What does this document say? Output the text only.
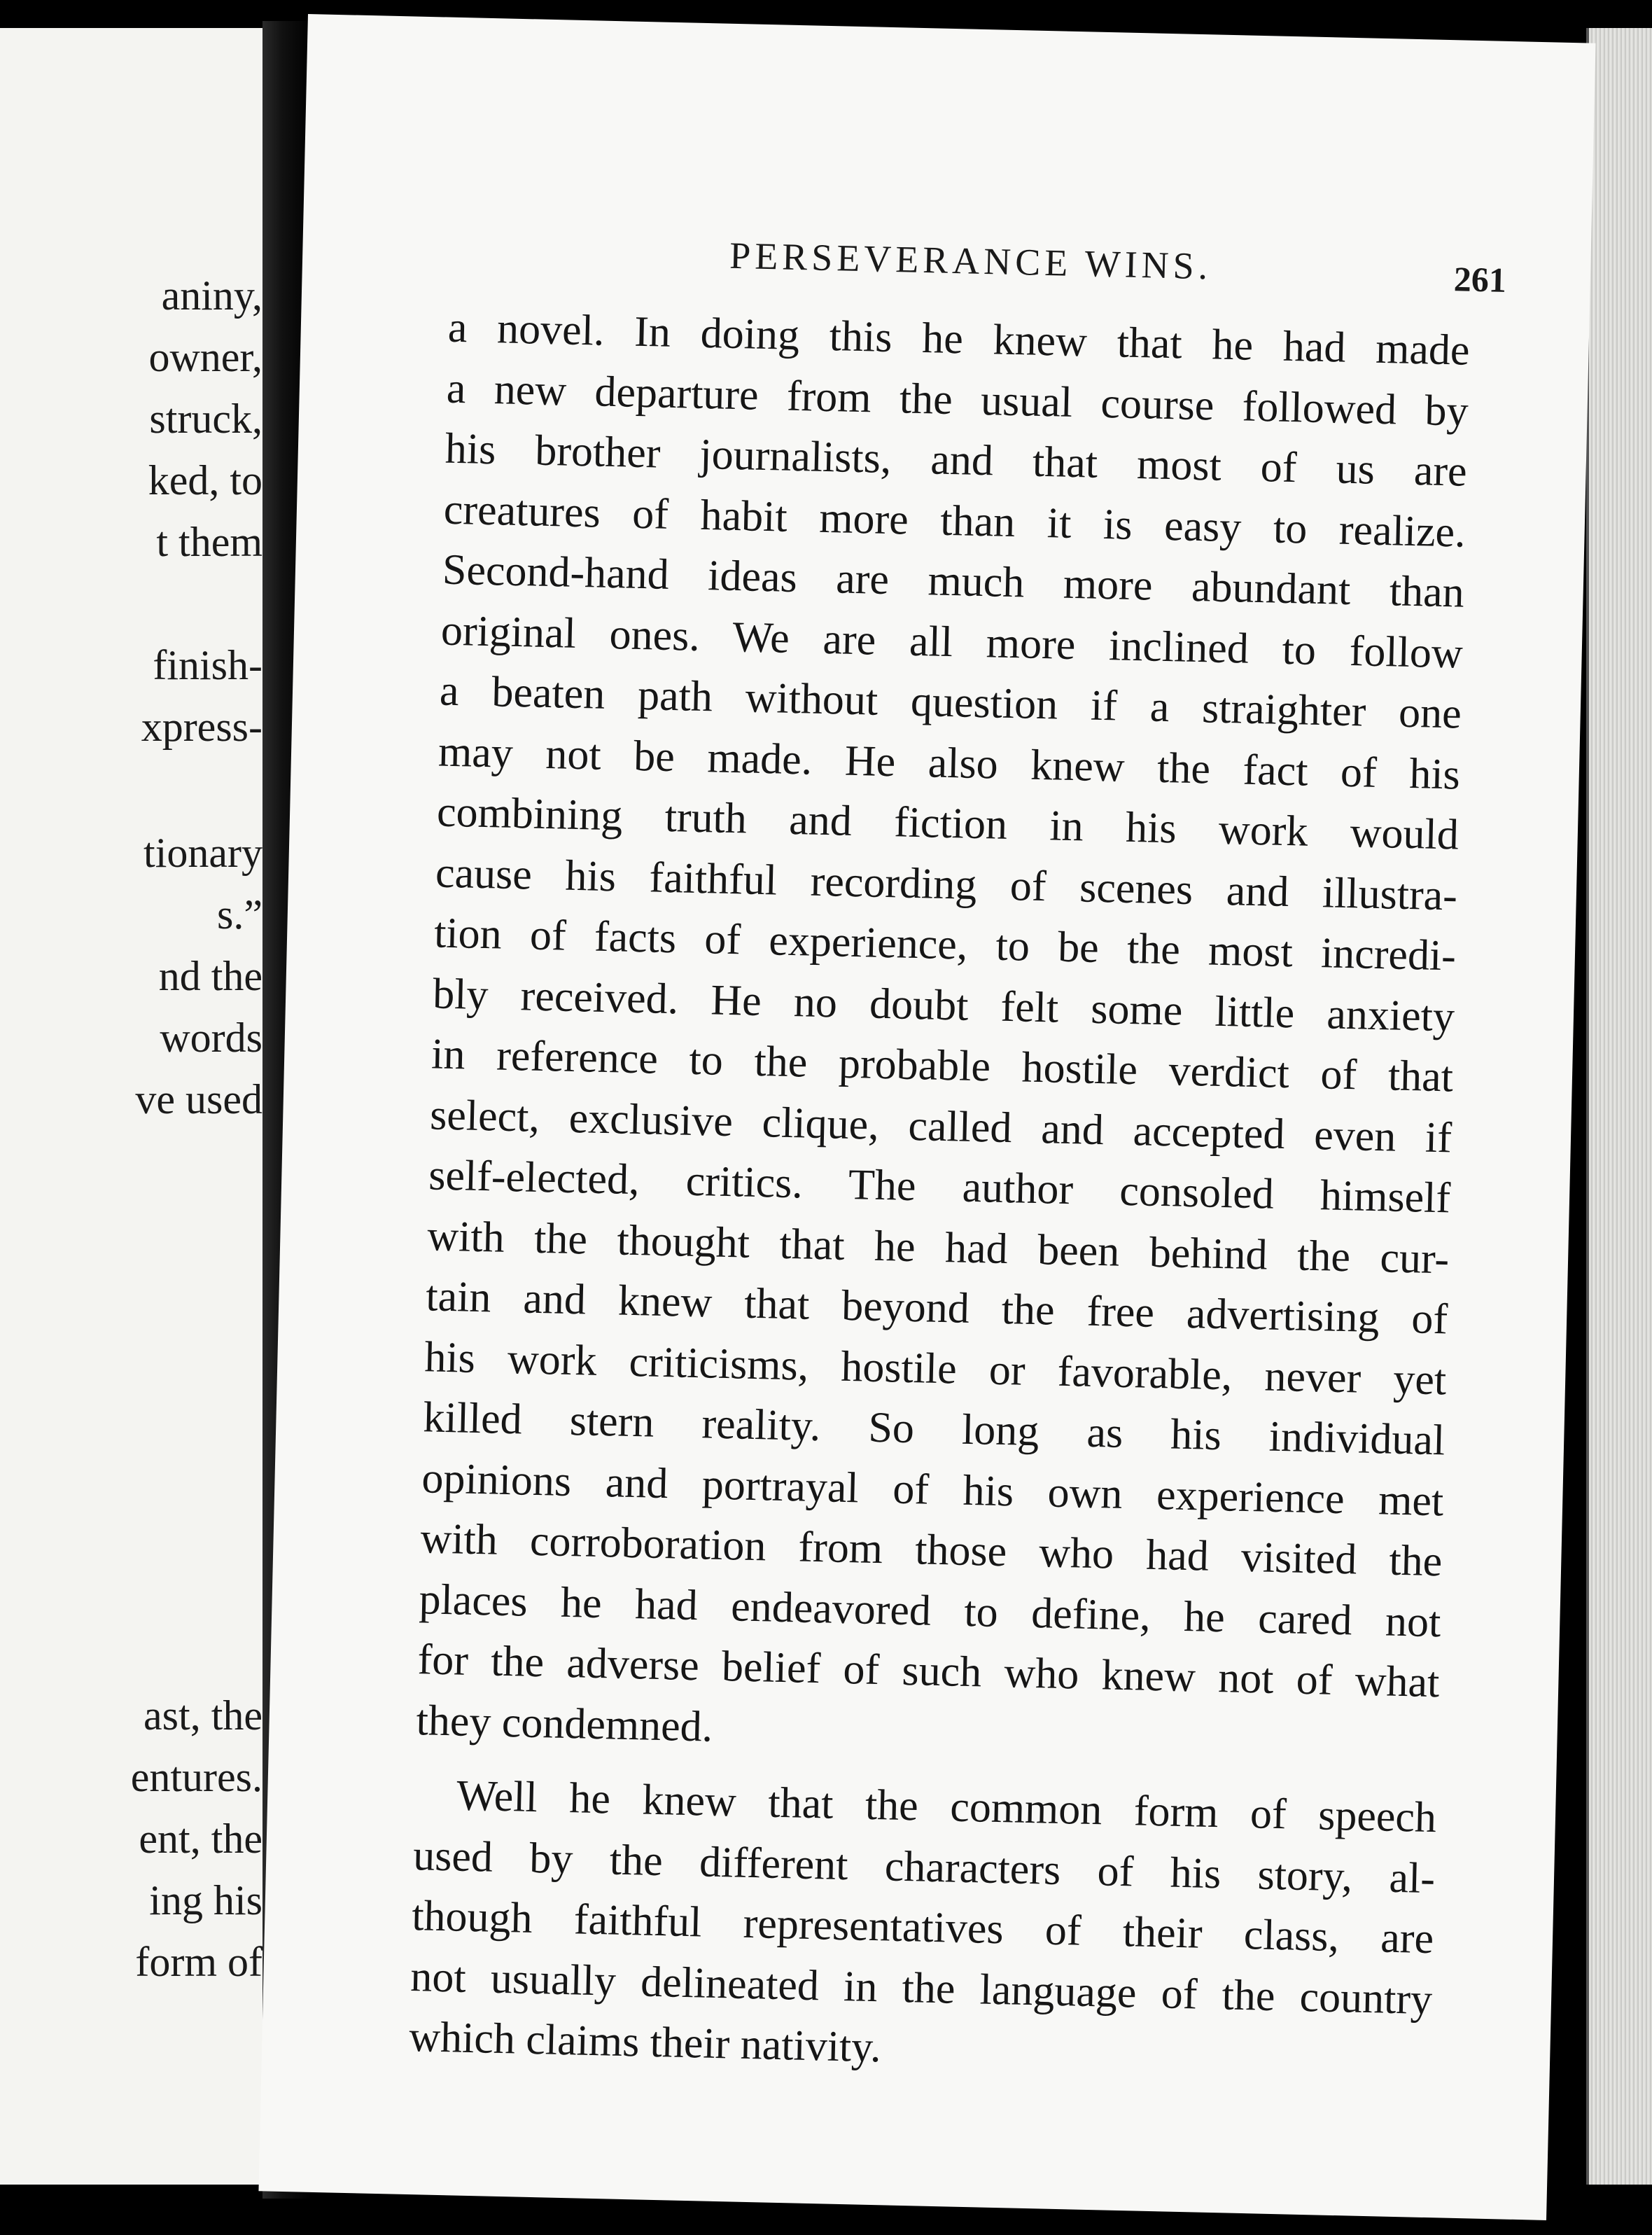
aniny,
owner,
struck,
ked, to
t them
finish-
xpress-
tionary
s.”
nd the
words
ve used
ast, the
entures.
ent, the
ing his
form of
PERSEVERANCE WINS.	261

a novel. In doing this he knew that he had made
a new departure from the usual course followed by
his brother journalists, and that most of us are
creatures of habit more than it is easy to realize.
Second-hand ideas are much more abundant than
original ones. We are all more inclined to follow
a beaten path without question if a straighter one
may not be made. He also knew the fact of his
combining truth and fiction in his work would
cause his faithful recording of scenes and illustra-
tion of facts of experience, to be the most incredi-
bly received. He no doubt felt some little anxiety
in reference to the probable hostile verdict of that
select, exclusive clique, called and accepted even if
self-elected, critics. The author consoled himself
with the thought that he had been behind the cur-
tain and knew that beyond the free advertising of
his work criticisms, hostile or favorable, never yet
killed stern reality. So long as his individual
opinions and portrayal of his own experience met
with corroboration from those who had visited the
places he had endeavored to define, he cared not
for the adverse belief of such who knew not of what
they condemned.

Well he knew that the common form of speech
used by the different characters of his story, al-
though faithful representatives of their class, are
not usually delineated in the language of the country
which claims their nativity.
